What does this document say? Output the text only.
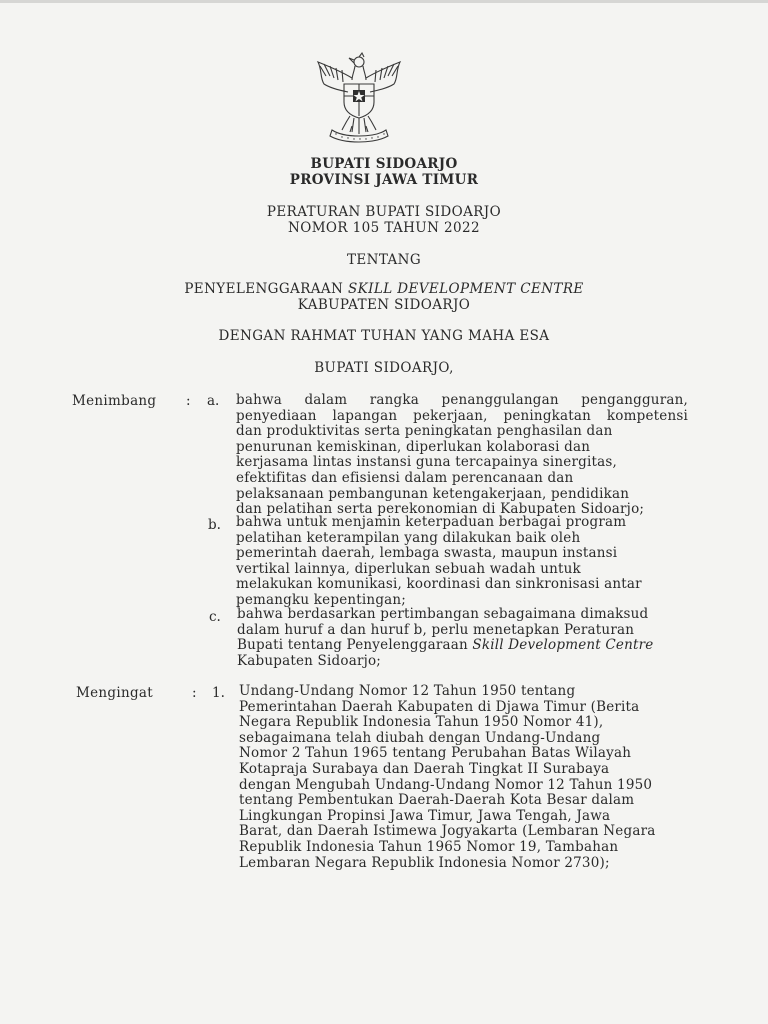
BUPATI SIDOARJO
PROVINSI JAWA TIMUR
PERATURAN BUPATI SIDOARJO
NOMOR 105 TAHUN 2022
TENTANG
PENYELENGGARAAN SKILL DEVELOPMENT CENTRE
KABUPATEN SIDOARJO
DENGAN RAHMAT TUHAN YANG MAHA ESA
BUPATI SIDOARJO,
Menimbang : a. bahwa dalam rangka penanggulangan pengangguran,
penyediaan lapangan pekerjaan, peningkatan kompetensi
dan produktivitas serta peningkatan penghasilan dan
penurunan kemiskinan, diperlukan kolaborasi dan
kerjasama lintas instansi guna tercapainya sinergitas,
efektifitas dan efisiensi dalam perencanaan dan
pelaksanaan pembangunan ketengakerjaan, pendidikan
dan pelatihan serta perekonomian di Kabupaten Sidoarjo;
b. bahwa untuk menjamin keterpaduan berbagai program
pelatihan keterampilan yang dilakukan baik oleh
pemerintah daerah, lembaga swasta, maupun instansi
vertikal lainnya, diperlukan sebuah wadah untuk
melakukan komunikasi, koordinasi dan sinkronisasi antar
pemangku kepentingan;
c. bahwa berdasarkan pertimbangan sebagaimana dimaksud
dalam huruf a dan huruf b, perlu menetapkan Peraturan
Bupati tentang Penyelenggaraan Skill Development Centre
Kabupaten Sidoarjo;
Mengingat	: 1. Undang-Undang Nomor 12 Tahun 1950 tentang
Pemerintahan Daerah Kabupaten di Djawa Timur (Berita
Negara Republik Indonesia Tahun 1950 Nomor 41),
sebagaimana telah diubah dengan Undang-Undang
Nomor 2 Tahun 1965 tentang Perubahan Batas Wilayah
Kotapraja Surabaya dan Daerah Tingkat II Surabaya
dengan Mengubah Undang-Undang Nomor 12 Tahun 1950
tentang Pembentukan Daerah-Daerah Kota Besar dalam
Lingkungan Propinsi Jawa Timur, Jawa Tengah, Jawa
Barat, dan Daerah Istimewa Jogyakarta (Lembaran Negara
Republik Indonesia Tahun 1965 Nomor 19, Tambahan
Lembaran Negara Republik Indonesia Nomor 2730);
